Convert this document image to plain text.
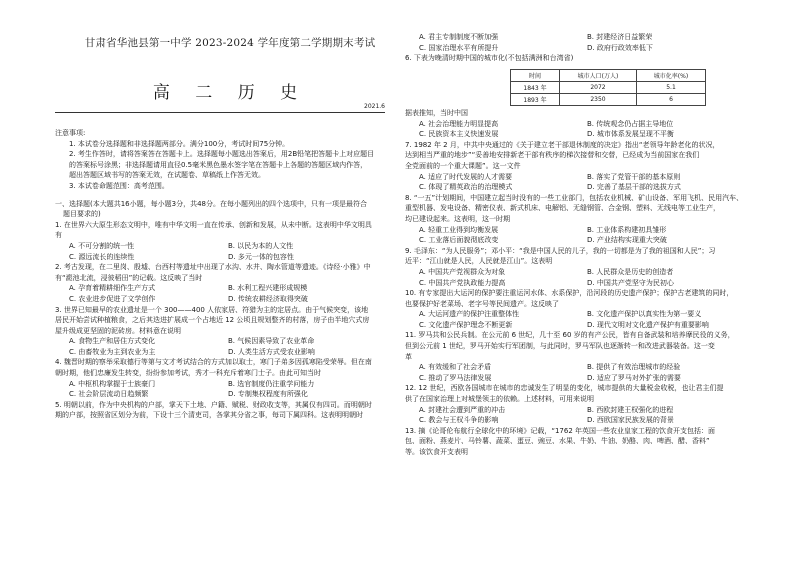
甘肃省华池县第一中学 2023-2024 学年度第二学期期末考试
高 二 历 史
2021.6
注意事项:
1. 本试卷分选择题和非选择题两部分。满分100分，考试时间75分钟。
2. 考生作答时，请将答案答在答题卡上。选择题每小题选出答案后，用2B铅笔把答题卡上对应题目
的答案标号涂黑；非选择题请用直径0.5毫米黑色墨水签字笔在答题卡上各题的答题区域内作答，
超出答题区域书写的答案无效，在试题卷、草稿纸上作答无效。
3. 本试卷命题范围：高考范围。
一、选择题(本大题共16小题，每小题3分，共48分。在每小题列出的四个选项中，只有一项是最符合
题目要求的)
1. 在世界六大原生形态文明中，唯有中华文明一直在传承、创新和发展，从未中断。这表明中华文明具
有
A. 不可分割的统一性	B. 以民为本的人文性
C. 源远流长的连续性	D. 多元一体的包容性
2. 考古发现，在二里岗、殷墟、台西村等遗址中出现了水沟、水井、陶水管道等遗迹。《诗经·小雅》中
有“滮池北流，浸彼稻田”的记载。这反映了当时
A. 孕育着精耕细作生产方式	B. 水利工程兴建形成规模
C. 农业进步促进了文学创作	D. 传统农耕经济取得突破
3. 世界已知最早的农业遗址是一个 300——400 人依家居、符猎为主的定居点。由于气候突变，该地
居民开始尝试种植粮食，之后其迭进扩展成一个占地近 12 公顷且规划整齐的村落，房子由半地穴式房
屋升级成更坚固的泥砖房。材料意在说明
A. 食物生产和居住方式变化	B. 气候因素导致了农业革命
C. 由畜牧业为主到农业为主	D. 人类生活方式受农业影响
4. 魏晋时期的察举采取德行等第与文才考试结合的方式加以取士，寒门子弟多因孤寒陷受荣辱。但在南
朝时期，他们忠廉发生转变，纷纷参加考试，秀才一科充斥着寒门士子。由此可知当时
A. 中枢机构掌握于士族豪门	B. 选官制度仍注重学问能力
C. 社会阶层流动日趋频繁	D. 专制集权程度有所强化
5. 明朝以前，作为中央机构的户部，掌天下土地、户籍、赋税、财政收支等，其属仅有四司。而明朝时
期的户部，按照省区划分为前，下设十三个清吏司，各掌其分省之事，每司下属四科。这表明明朝时
A. 君主专制制度不断加强	B. 封建经济日益繁荣
C. 国家治理水平有所提升	D. 政府行政效率低下
6. 下表为晚清时期中国的城市化(不包括满洲和台湾省)
时间	城市人口(万人)	城市化率(%)
1843 年	2072	5.1
1893 年	2350	6
据表推知，当时中国
A. 社会治理能力明显提高	B. 传统观念仍占据主导地位
C. 民族资本主义快速发展	D. 城市体系发展呈现不平衡
7. 1982 年 2 月，中共中央通过的《关于建立老干部退休制度的决定》指出“老领导年龄老化的状况，
达到相当严重的地步”“妥善地安排新老干部有秩序的梯次接替和交替，已经成为当前国家在我们
全党面前的一个重大课题”。这一文件
A. 适应了时代发展的人才需要	B. 落实了党管干部的基本原则
C. 体现了精英政治的治理模式	D. 完善了基层干部的选拔方式
8. “一五”计划期间，中国建立起当时没有的一些工业部门，包括农业机械、矿山设备、军用飞机、民用汽车、
重型机器、发电设备、精密仪表、新式机床、电解铝、无缝钢管、合金钢、塑料、无线电等工业生产，
均已建设起来。这表明，这一时期
A. 轻重工业得到均衡发展	B. 工业体系构建初具雏形
C. 工业落后面貌彻底改变	D. 产业结构实现重大突破
9. 毛泽东：“为人民服务”；邓小平：“我是中国人民的儿子，我的一切都是为了我的祖国和人民”；习
近平：“江山就是人民，人民就是江山”。这表明
A. 中国共产党视群众为对象	B. 人民群众是历史的创造者
C. 中国共产党执政能力提高	D. 中国共产党坚守为民初心
10. 有专家提出大运河的保护要注重运河水体、水系保护，沿河段的历史遗产保护；保护古老建筑的同时，
也要保护好老菜场、老字号等民间遗产。这反映了
A. 大运河遗产的保护注重整体性	B. 文化遗产保护以真实性为第一要义
C. 文化遗产保护理念不断更新	D. 现代文明对文化遗产保护有重要影响
11. 罗马共和公民兵制。在公元前 6 世纪，几十至 60 岁的有产公民，皆有自备武装和培养摩民役的义务，
但到公元前 1 世纪，罗马开始实行军团制，与此同时，罗马军队也逐渐转一和改进武器装备。这一变
革
A. 有效缓和了社会矛盾	B. 提供了有效治理城市的经验
C. 推动了罗马法律发展	D. 适应了罗马对外扩张的需要
12. 12 世纪，西欧各国城市在城市的忠诚发生了明显的变化，城市提供的大量税金收税，也让君主们提
供了在国家治理上对城堡领主的依赖。上述材料，可用来说明
A. 封建社会遭到严重的冲击	B. 西欧封建王权强化的进程
C. 教会与王权斗争的影响	D. 西欧国家民族发展的背景
13. 摘《论哥伦布航行全球化中的环境》记载，“1762 年英国一些农业皇家工程的饮食开支包括：面
包、面粉、燕麦片、马铃薯、蔬菜、蛋豆、豌豆、水果、牛奶、牛油、奶酪、肉、啤酒、醋、香料”
等。该饮食开支表明
